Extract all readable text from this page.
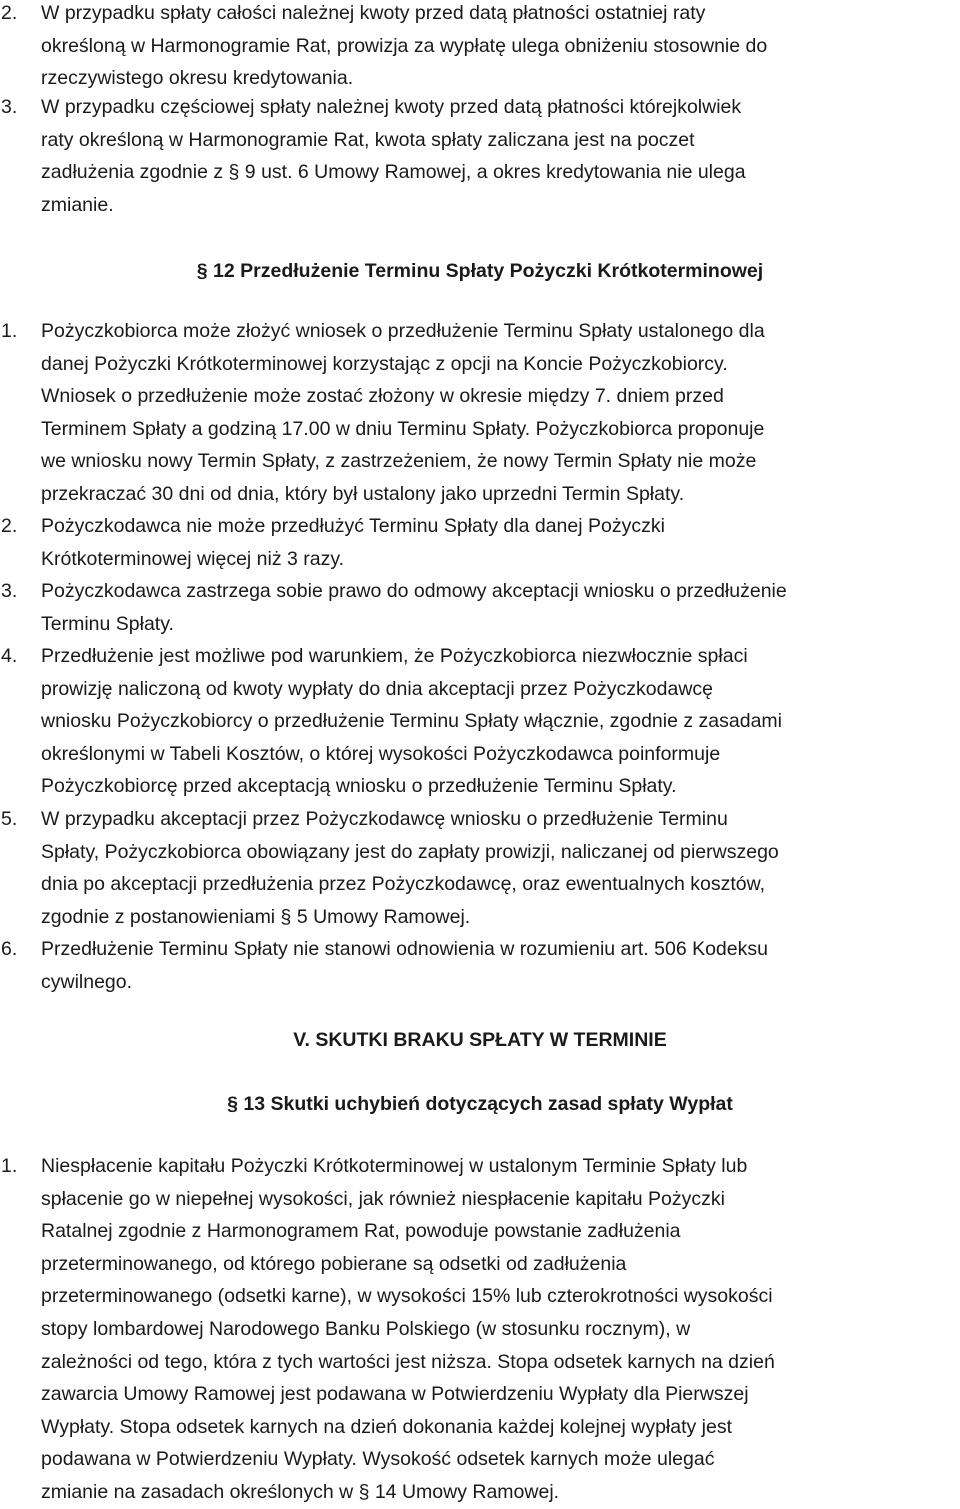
2. W przypadku spłaty całości należnej kwoty przed datą płatności ostatniej raty
określoną w Harmonogramie Rat, prowizja za wypłatę ulega obniżeniu stosownie do
rzeczywistego okresu kredytowania.
3. W przypadku częściowej spłaty należnej kwoty przed datą płatności którejkolwiek
raty określoną w Harmonogramie Rat, kwota spłaty zaliczana jest na poczet
zadłużenia zgodnie z § 9 ust. 6 Umowy Ramowej, a okres kredytowania nie ulega
zmianie.
§ 12 Przedłużenie Terminu Spłaty Pożyczki Krótkoterminowej
1. Pożyczkobiorca może złożyć wniosek o przedłużenie Terminu Spłaty ustalonego dla
danej Pożyczki Krótkoterminowej korzystając z opcji na Koncie Pożyczkobiorcy.
Wniosek o przedłużenie może zostać złożony w okresie między 7. dniem przed
Terminem Spłaty a godziną 17.00 w dniu Terminu Spłaty. Pożyczkobiorca proponuje
we wniosku nowy Termin Spłaty, z zastrzeżeniem, że nowy Termin Spłaty nie może
przekraczać 30 dni od dnia, który był ustalony jako uprzedni Termin Spłaty.
2. Pożyczkodawca nie może przedłużyć Terminu Spłaty dla danej Pożyczki
Krótkoterminowej więcej niż 3 razy.
3. Pożyczkodawca zastrzega sobie prawo do odmowy akceptacji wniosku o przedłużenie
Terminu Spłaty.
4. Przedłużenie jest możliwe pod warunkiem, że Pożyczkobiorca niezwłocznie spłaci
prowizję naliczoną od kwoty wypłaty do dnia akceptacji przez Pożyczkodawcę
wniosku Pożyczkobiorcy o przedłużenie Terminu Spłaty włącznie, zgodnie z zasadami
określonymi w Tabeli Kosztów, o której wysokości Pożyczkodawca poinformuje
Pożyczkobiorcę przed akceptacją wniosku o przedłużenie Terminu Spłaty.
5. W przypadku akceptacji przez Pożyczkodawcę wniosku o przedłużenie Terminu
Spłaty, Pożyczkobiorca obowiązany jest do zapłaty prowizji, naliczanej od pierwszego
dnia po akceptacji przedłużenia przez Pożyczkodawcę, oraz ewentualnych kosztów,
zgodnie z postanowieniami § 5 Umowy Ramowej.
6. Przedłużenie Terminu Spłaty nie stanowi odnowienia w rozumieniu art. 506 Kodeksu
cywilnego.
V. SKUTKI BRAKU SPŁATY W TERMINIE
§ 13 Skutki uchybień dotyczących zasad spłaty Wypłat
1. Niespłacenie kapitału Pożyczki Krótkoterminowej w ustalonym Terminie Spłaty lub
spłacenie go w niepełnej wysokości, jak również niespłacenie kapitału Pożyczki
Ratalnej zgodnie z Harmonogramem Rat, powoduje powstanie zadłużenia
przeterminowanego, od którego pobierane są odsetki od zadłużenia
przeterminowanego (odsetki karne), w wysokości 15% lub czterokrotności wysokości
stopy lombardowej Narodowego Banku Polskiego (w stosunku rocznym), w
zależności od tego, która z tych wartości jest niższa. Stopa odsetek karnych na dzień
zawarcia Umowy Ramowej jest podawana w Potwierdzeniu Wypłaty dla Pierwszej
Wypłaty. Stopa odsetek karnych na dzień dokonania każdej kolejnej wypłaty jest
podawana w Potwierdzeniu Wypłaty. Wysokość odsetek karnych może ulegać
zmianie na zasadach określonych w § 14 Umowy Ramowej.
